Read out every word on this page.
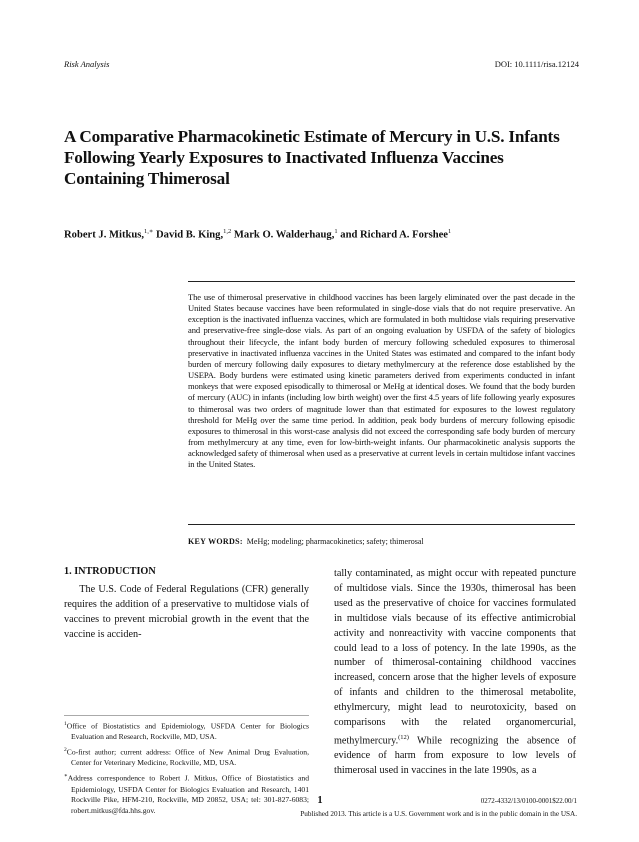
Risk Analysis	DOI: 10.1111/risa.12124
A Comparative Pharmacokinetic Estimate of Mercury in U.S. Infants Following Yearly Exposures to Inactivated Influenza Vaccines Containing Thimerosal
Robert J. Mitkus,$^{1,∗}$ David B. King,$^{1,2}$ Mark O. Walderhaug,$^1$ and Richard A. Forshee$^1$

The use of thimerosal preservative in childhood vaccines has been largely eliminated over the past decade in the United States because vaccines have been reformulated in single-dose vials that do not require preservative. An exception is the inactivated influenza vaccines, which are formulated in both multidose vials requiring preservative and preservative-free single-dose vials. As part of an ongoing evaluation by USFDA of the safety of biologics throughout their lifecycle, the infant body burden of mercury following scheduled exposures to thimerosal preservative in inactivated influenza vaccines in the United States was estimated and compared to the infant body burden of mercury following daily exposures to dietary methylmercury at the reference dose established by the USEPA. Body burdens were estimated using kinetic parameters derived from experiments conducted in infant monkeys that were exposed episodically to thimerosal or MeHg at identical doses. We found that the body burden of mercury (AUC) in infants (including low birth weight) over the first 4.5 years of life following yearly exposures to thimerosal was two orders of magnitude lower than that estimated for exposures to the lowest regulatory threshold for MeHg over the same time period. In addition, peak body burdens of mercury following episodic exposures to thimerosal in this worst-case analysis did not exceed the corresponding safe body burden of mercury from methylmercury at any time, even for low-birth-weight infants. Our pharmacokinetic analysis supports the acknowledged safety of thimerosal when used as a preservative at current levels in certain multidose infant vaccines in the United States.

KEY WORDS: MeHg; modeling; pharmacokinetics; safety; thimerosal
1. INTRODUCTION

  The U.S. Code of Federal Regulations (CFR) generally requires the addition of a preservative to multidose vials of vaccines to prevent microbial growth in the event that the vaccine is acciden-

tally contaminated, as might occur with repeated puncture of multidose vials. Since the 1930s, thimerosal has been used as the preservative of choice for vaccines formulated in multidose vials because of its effective antimicrobial activity and nonreactivity with vaccine components that could lead to a loss of potency. In the late 1990s, as the number of thimerosal-containing childhood vaccines increased, concern arose that the higher levels of exposure of infants and children to the thimerosal metabolite, ethylmercury, might lead to neurotoxicity, based on comparisons with the related organomercurial, methylmercury.$^{(12)}$ While recognizing the absence of evidence of harm from exposure to low levels of thimerosal used in vaccines in the late 1990s, as a

$^1$Office of Biostatistics and Epidemiology, USFDA Center for Biologics Evaluation and Research, Rockville, MD, USA.

$^2$Co-first author; current address: Office of New Animal Drug Evaluation, Center for Veterinary Medicine, Rockville, MD, USA.

∗Address correspondence to Robert J. Mitkus, Office of Biostatistics and Epidemiology, USFDA Center for Biologics Evaluation and Research, 1401 Rockville Pike, HFM-210, Rockville, MD 20852, USA; tel: 301-827-6083; robert.mitkus@fda.hhs.gov.

1	0272-4332/13/0100-0001$22.00/1
Published 2013. This article is a U.S. Government work and is in the public domain in the USA.
